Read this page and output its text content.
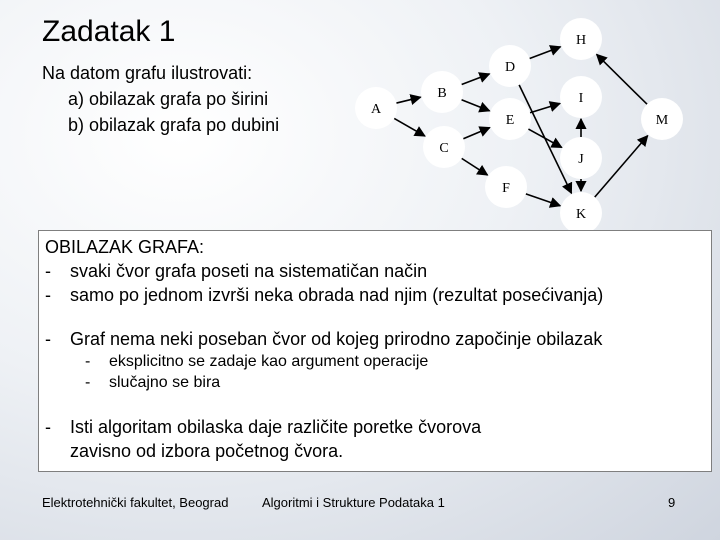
Zadatak 1
Na datom grafu ilustrovati:
a) obilazak grafa po širini
b) obilazak grafa po dubini
A
B
C
D
E
F
H
I
J
K
M
OBILAZAK GRAFA:
-	svaki čvor grafa poseti na sistematičan način
-	samo po jednom izvrši neka obrada nad njim (rezultat posećivanja)
-	Graf nema neki poseban čvor od kojeg prirodno započinje obilazak
-	eksplicitno se zadaje kao argument operacije
-	slučajno se bira
-	Isti algoritam obilaska daje različite poretke čvorova
zavisno od izbora početnog čvora.
Elektrotehnički fakultet, Beograd	Algoritmi i Strukture Podataka 1	9
